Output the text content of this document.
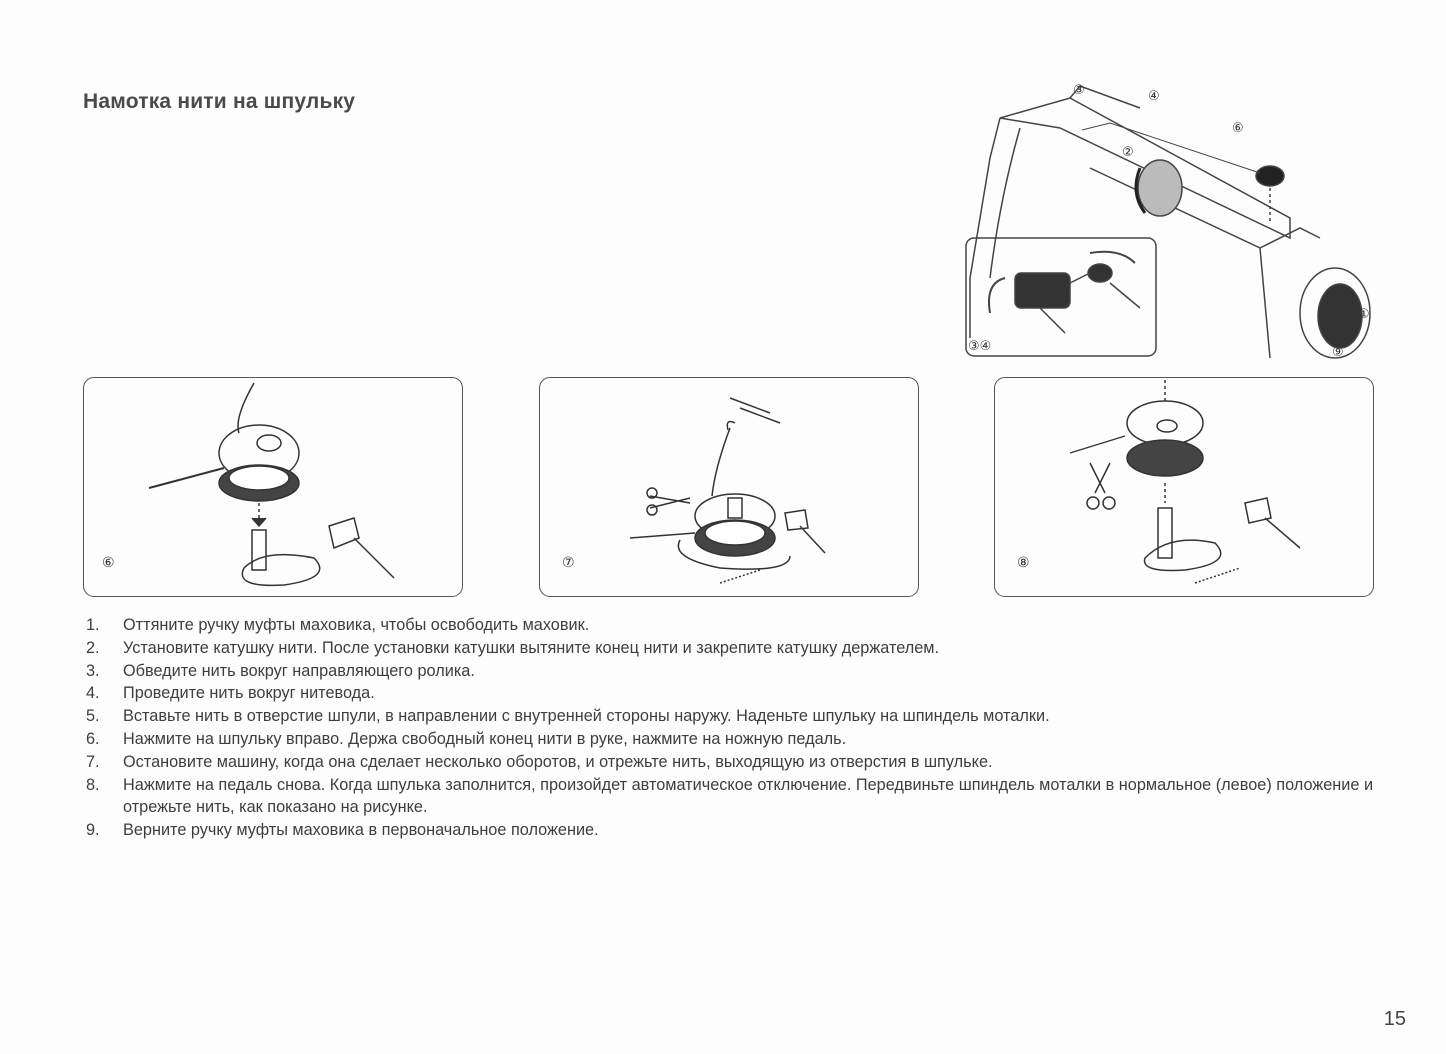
Намотка нити на шпульку	③	④
②
⑥
①
⑨
③④
⑥	⑦	⑧
1.	Оттяните ручку муфты маховика, чтобы освободить маховик.
2.	Установите катушку нити. После установки катушки вытяните конец нити и закрепите катушку держателем.
3.	Обведите нить вокруг направляющего ролика.
4.	Проведите нить вокруг нитевода.
5.	Вставьте нить в отверстие шпули, в направлении с внутренней стороны наружу. Наденьте шпульку на шпиндель моталки.
6.	Нажмите на шпульку вправо. Держа свободный конец нити в руке, нажмите на ножную педаль.
7.	Остановите машину, когда она сделает несколько оборотов, и отрежьте нить, выходящую из отверстия в шпульке.
8.	Нажмите на педаль снова. Когда шпулька заполнится, произойдет автоматическое отключение. Передвиньте шпиндель моталки в нормальное (левое) положение и отрежьте нить, как показано на рисунке.
9.	Верните ручку муфты маховика в первоначальное положение.
15
